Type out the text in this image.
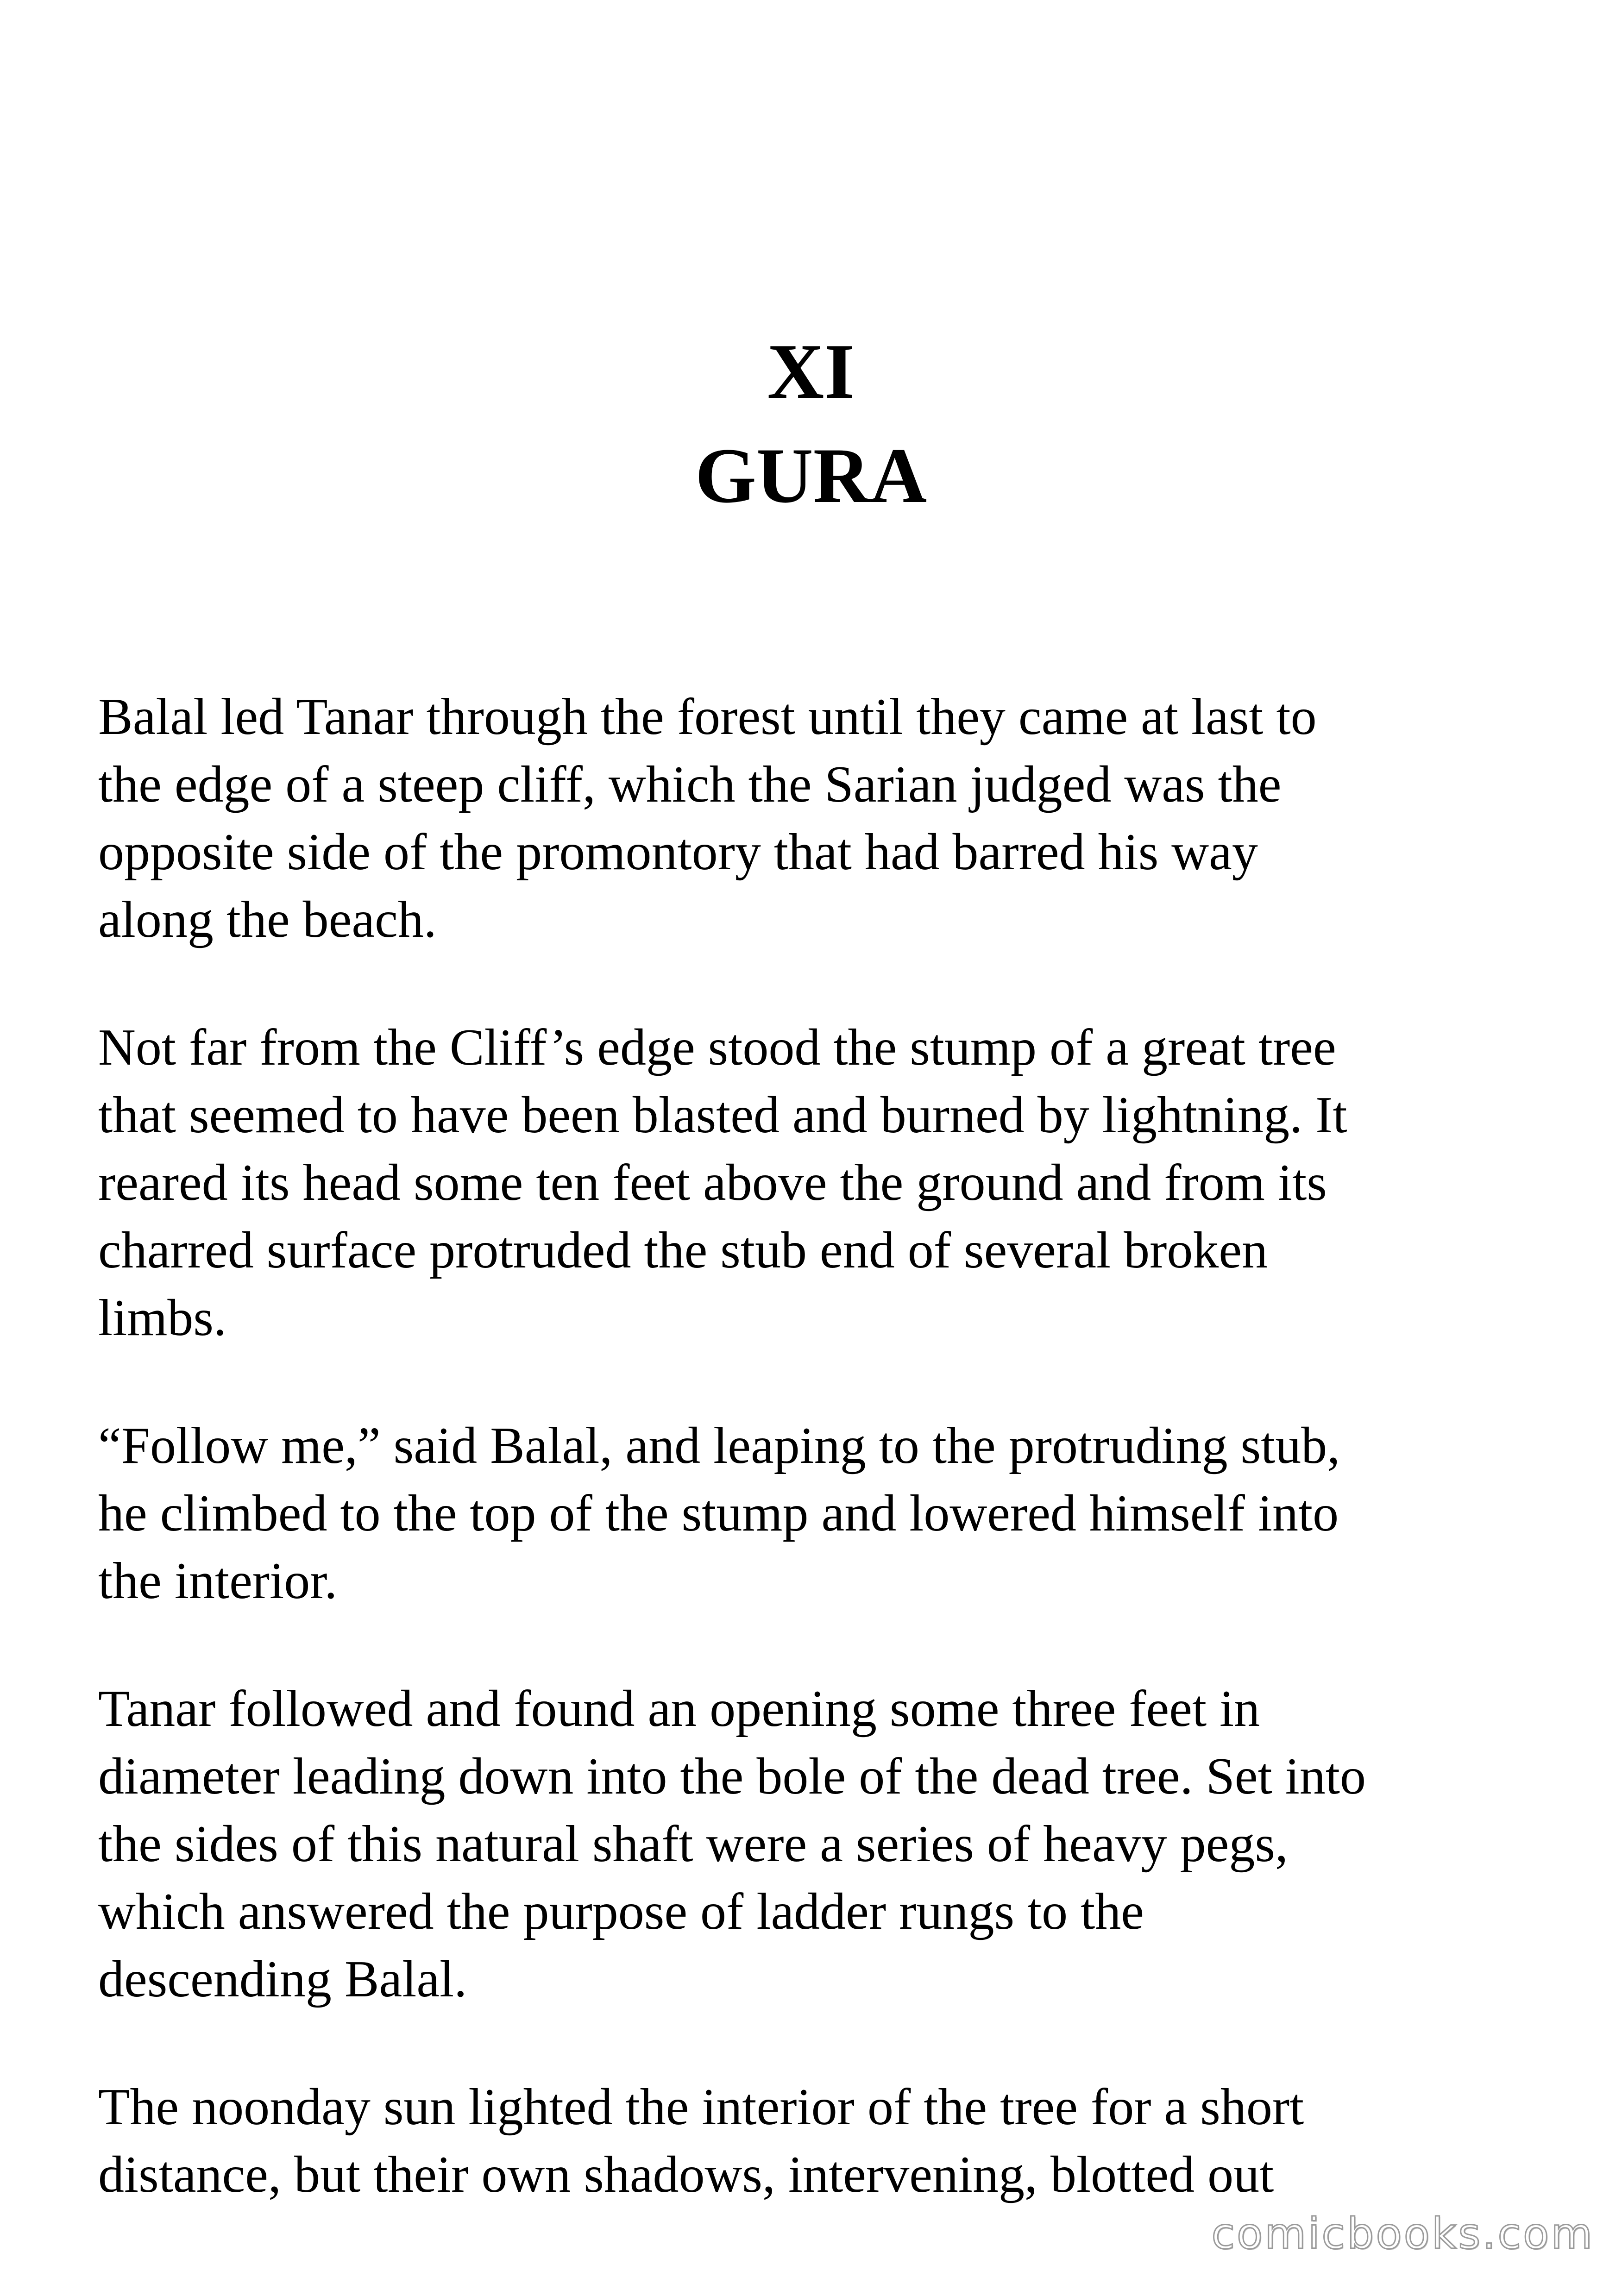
XI
GURA

Balal led Tanar through the forest until they came at last to
the edge of a steep cliff, which the Sarian judged was the
opposite side of the promontory that had barred his way
along the beach.

Not far from the Cliff’s edge stood the stump of a great tree
that seemed to have been blasted and burned by lightning. It
reared its head some ten feet above the ground and from its
charred surface protruded the stub end of several broken
limbs.

“Follow me,” said Balal, and leaping to the protruding stub,
he climbed to the top of the stump and lowered himself into
the interior.

Tanar followed and found an opening some three feet in
diameter leading down into the bole of the dead tree. Set into
the sides of this natural shaft were a series of heavy pegs,
which answered the purpose of ladder rungs to the
descending Balal.

The noonday sun lighted the interior of the tree for a short
distance, but their own shadows, intervening, blotted out

comicbooks.com
